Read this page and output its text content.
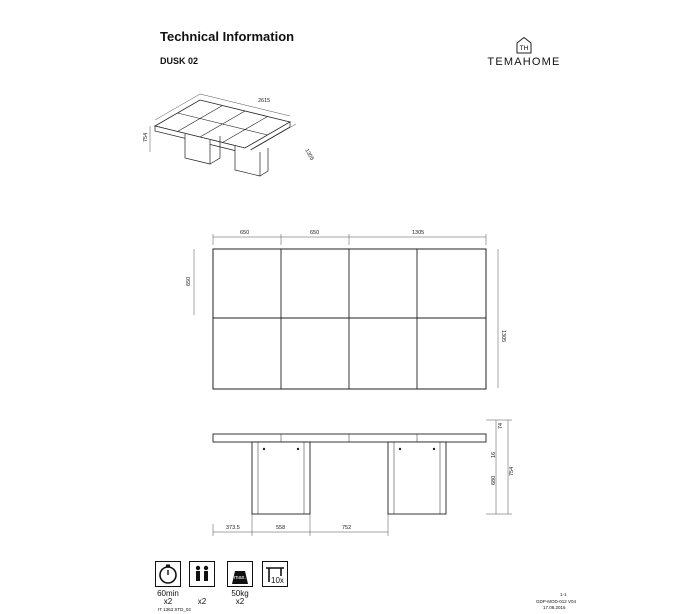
Technical Information
DUSK 02
TH
TEMAHOME
2615
1305
754
650	650	1305
650
1305
74
16
680
754
373.5	558	752
60min
x2	x2
max.
50kg
x2
10x
IT 1363 STD_02
1-1
GDP-MOD-012 V04
17.08.2016
